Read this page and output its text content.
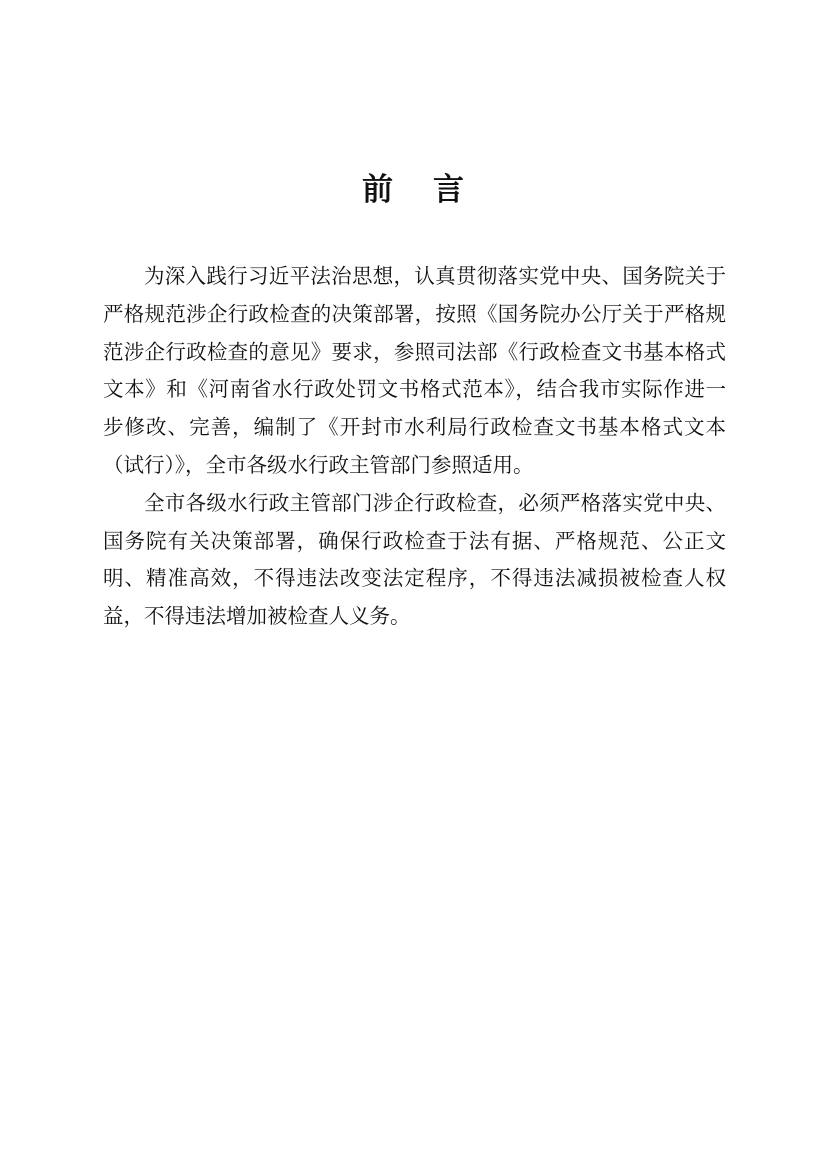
前 言

为深入践行习近平法治思想，认真贯彻落实党中央、国务院关于严格规范涉企行政检查的决策部署，按照《国务院办公厅关于严格规范涉企行政检查的意见》要求，参照司法部《行政检查文书基本格式文本》和《河南省水行政处罚文书格式范本》，结合我市实际作进一步修改、完善，编制了《开封市水利局行政检查文书基本格式文本（试行）》，全市各级水行政主管部门参照适用。

全市各级水行政主管部门涉企行政检查，必须严格落实党中央、国务院有关决策部署，确保行政检查于法有据、严格规范、公正文明、精准高效，不得违法改变法定程序，不得违法减损被检查人权益，不得违法增加被检查人义务。
